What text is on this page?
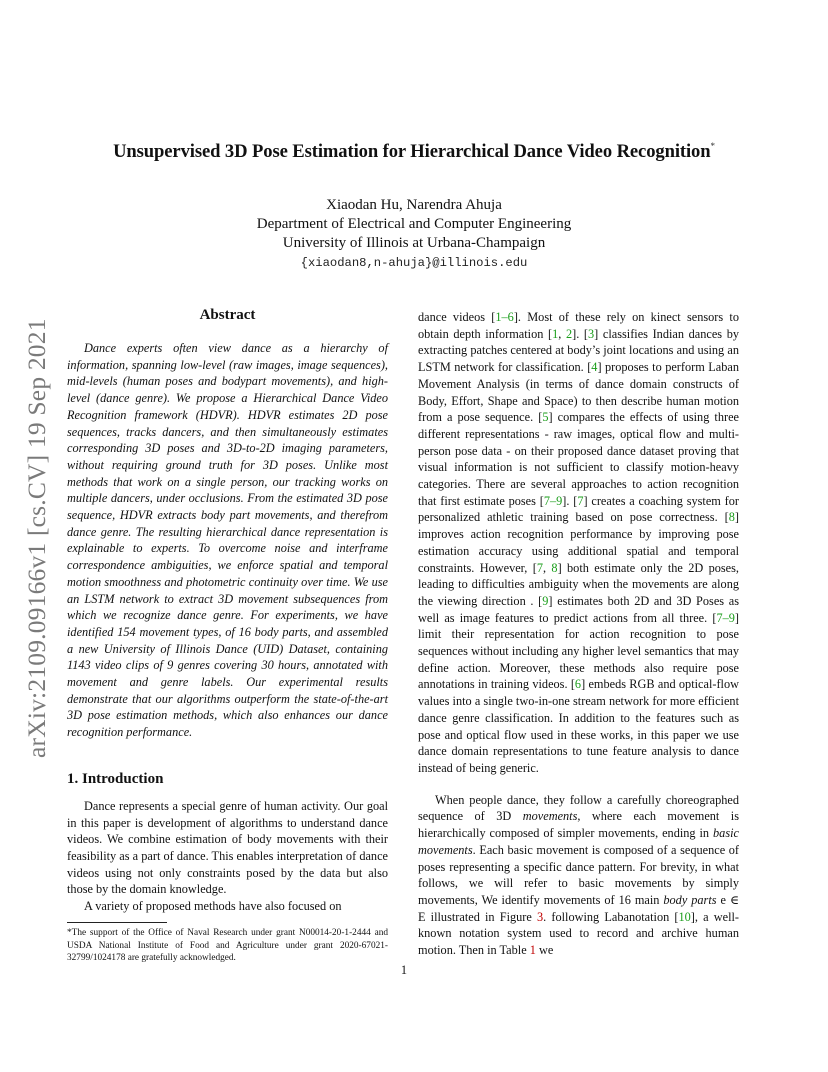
Unsupervised 3D Pose Estimation for Hierarchical Dance Video Recognition*
Xiaodan Hu, Narendra Ahuja
Department of Electrical and Computer Engineering
University of Illinois at Urbana-Champaign
{xiaodan8,n-ahuja}@illinois.edu
arXiv:2109.09166v1 [cs.CV] 19 Sep 2021
Abstract

Dance experts often view dance as a hierarchy of information, spanning low-level (raw images, image sequences), mid-levels (human poses and bodypart movements), and high-level (dance genre). We propose a Hierarchical Dance Video Recognition framework (HDVR). HDVR estimates 2D pose sequences, tracks dancers, and then simultaneously estimates corresponding 3D poses and 3D-to-2D imaging parameters, without requiring ground truth for 3D poses. Unlike most methods that work on a single person, our tracking works on multiple dancers, under occlusions. From the estimated 3D pose sequence, HDVR extracts body part movements, and therefrom dance genre. The resulting hierarchical dance representation is explainable to experts. To overcome noise and interframe correspondence ambiguities, we enforce spatial and temporal motion smoothness and photometric continuity over time. We use an LSTM network to extract 3D movement subsequences from which we recognize dance genre. For experiments, we have identified 154 movement types, of 16 body parts, and assembled a new University of Illinois Dance (UID) Dataset, containing 1143 video clips of 9 genres covering 30 hours, annotated with movement and genre labels. Our experimental results demonstrate that our algorithms outperform the state-of-the-art 3D pose estimation methods, which also enhances our dance recognition performance.

1. Introduction

Dance represents a special genre of human activity. Our goal in this paper is development of algorithms to understand dance videos. We combine estimation of body movements with their feasibility as a part of dance. This enables interpretation of dance videos using not only constraints posed by the data but also those by the domain knowledge.

A variety of proposed methods have also focused on

*The support of the Office of Naval Research under grant N00014-20-1-2444 and USDA National Institute of Food and Agriculture under grant 2020-67021-32799/1024178 are gratefully acknowledged.

dance videos [1–6]. Most of these rely on kinect sensors to obtain depth information [1, 2]. [3] classifies Indian dances by extracting patches centered at body’s joint locations and using an LSTM network for classification. [4] proposes to perform Laban Movement Analysis (in terms of dance domain constructs of Body, Effort, Shape and Space) to then describe human motion from a pose sequence. [5] compares the effects of using three different representations - raw images, optical flow and multi-person pose data - on their proposed dance dataset proving that visual information is not sufficient to classify motion-heavy categories. There are several approaches to action recognition that first estimate poses [7–9]. [7] creates a coaching system for personalized athletic training based on pose correctness. [8] improves action recognition performance by improving pose estimation accuracy using additional spatial and temporal constraints. However, [7, 8] both estimate only the 2D poses, leading to difficulties ambiguity when the movements are along the viewing direction . [9] estimates both 2D and 3D Poses as well as image features to predict actions from all three. [7–9] limit their representation for action recognition to pose sequences without including any higher level semantics that may define action. Moreover, these methods also require pose annotations in training videos. [6] embeds RGB and optical-flow values into a single two-in-one stream network for more efficient dance genre classification. In addition to the features such as pose and optical flow used in these works, in this paper we use dance domain representations to tune feature analysis to dance instead of being generic.

When people dance, they follow a carefully choreographed sequence of 3D movements, where each movement is hierarchically composed of simpler movements, ending in basic movements. Each basic movement is composed of a sequence of poses representing a specific dance pattern. For brevity, in what follows, we will refer to basic movements by simply movements, We identify movements of 16 main body parts e ∈ E illustrated in Figure 3. following Labanotation [10], a well-known notation system used to record and archive human motion. Then in Table 1 we

1
